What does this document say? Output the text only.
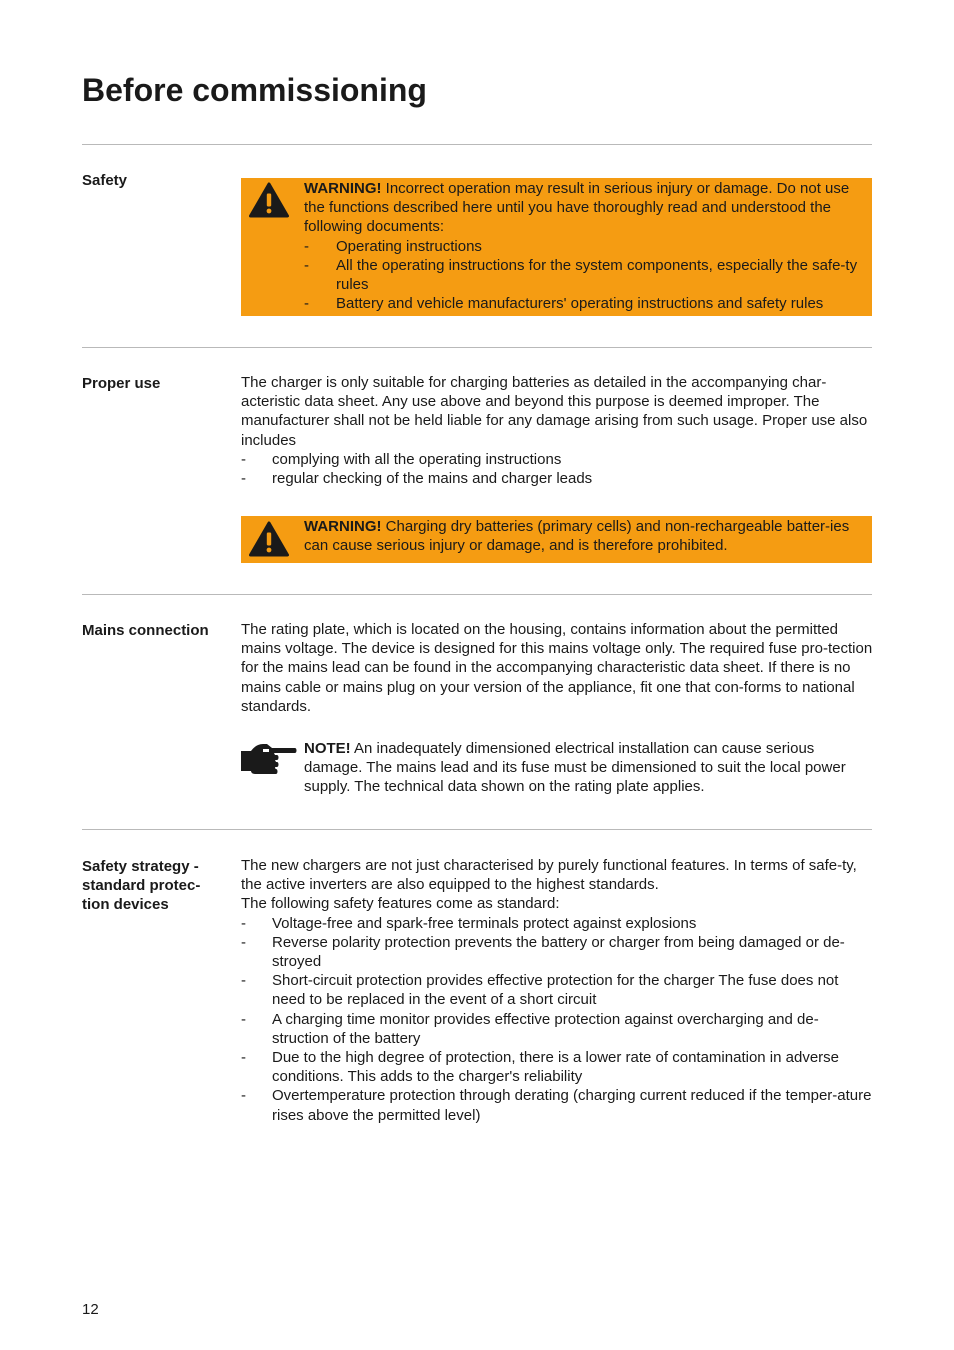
Before commissioning
Safety	WARNING! Incorrect operation may result in serious injury or damage. Do not use the functions described here until you have thoroughly read and understood the following documents:

- Operating instructions
- All the operating instructions for the system components, especially the safe-ty rules
- Battery and vehicle manufacturers' operating instructions and safety rules
Proper use	The charger is only suitable for charging batteries as detailed in the accompanying char-acteristic data sheet. Any use above and beyond this purpose is deemed improper. The manufacturer shall not be held liable for any damage arising from such usage. Proper use also includes

- complying with all the operating instructions
- regular checking of the mains and charger leads

WARNING! Charging dry batteries (primary cells) and non-rechargeable batter-ies can cause serious injury or damage, and is therefore prohibited.

Mains connection	The rating plate, which is located on the housing, contains information about the permitted mains voltage. The device is designed for this mains voltage only. The required fuse pro-tection for the mains lead can be found in the accompanying characteristic data sheet. If there is no mains cable or mains plug on your version of the appliance, fit one that con-forms to national standards.

NOTE! An inadequately dimensioned electrical installation can cause serious damage. The mains lead and its fuse must be dimensioned to suit the local power supply. The technical data shown on the rating plate applies.

Safety strategy -
standard protec-
tion devices

The new chargers are not just characterised by purely functional features. In terms of safe-ty, the active inverters are also equipped to the highest standards.

The following safety features come as standard:

- Voltage-free and spark-free terminals protect against explosions
- Reverse polarity protection prevents the battery or charger from being damaged or de-stroyed
- Short-circuit protection provides effective protection for the charger The fuse does not need to be replaced in the event of a short circuit
- A charging time monitor provides effective protection against overcharging and de-struction of the battery
- Due to the high degree of protection, there is a lower rate of contamination in adverse conditions. This adds to the charger's reliability
- Overtemperature protection through derating (charging current reduced if the temper-ature rises above the permitted level)
12
